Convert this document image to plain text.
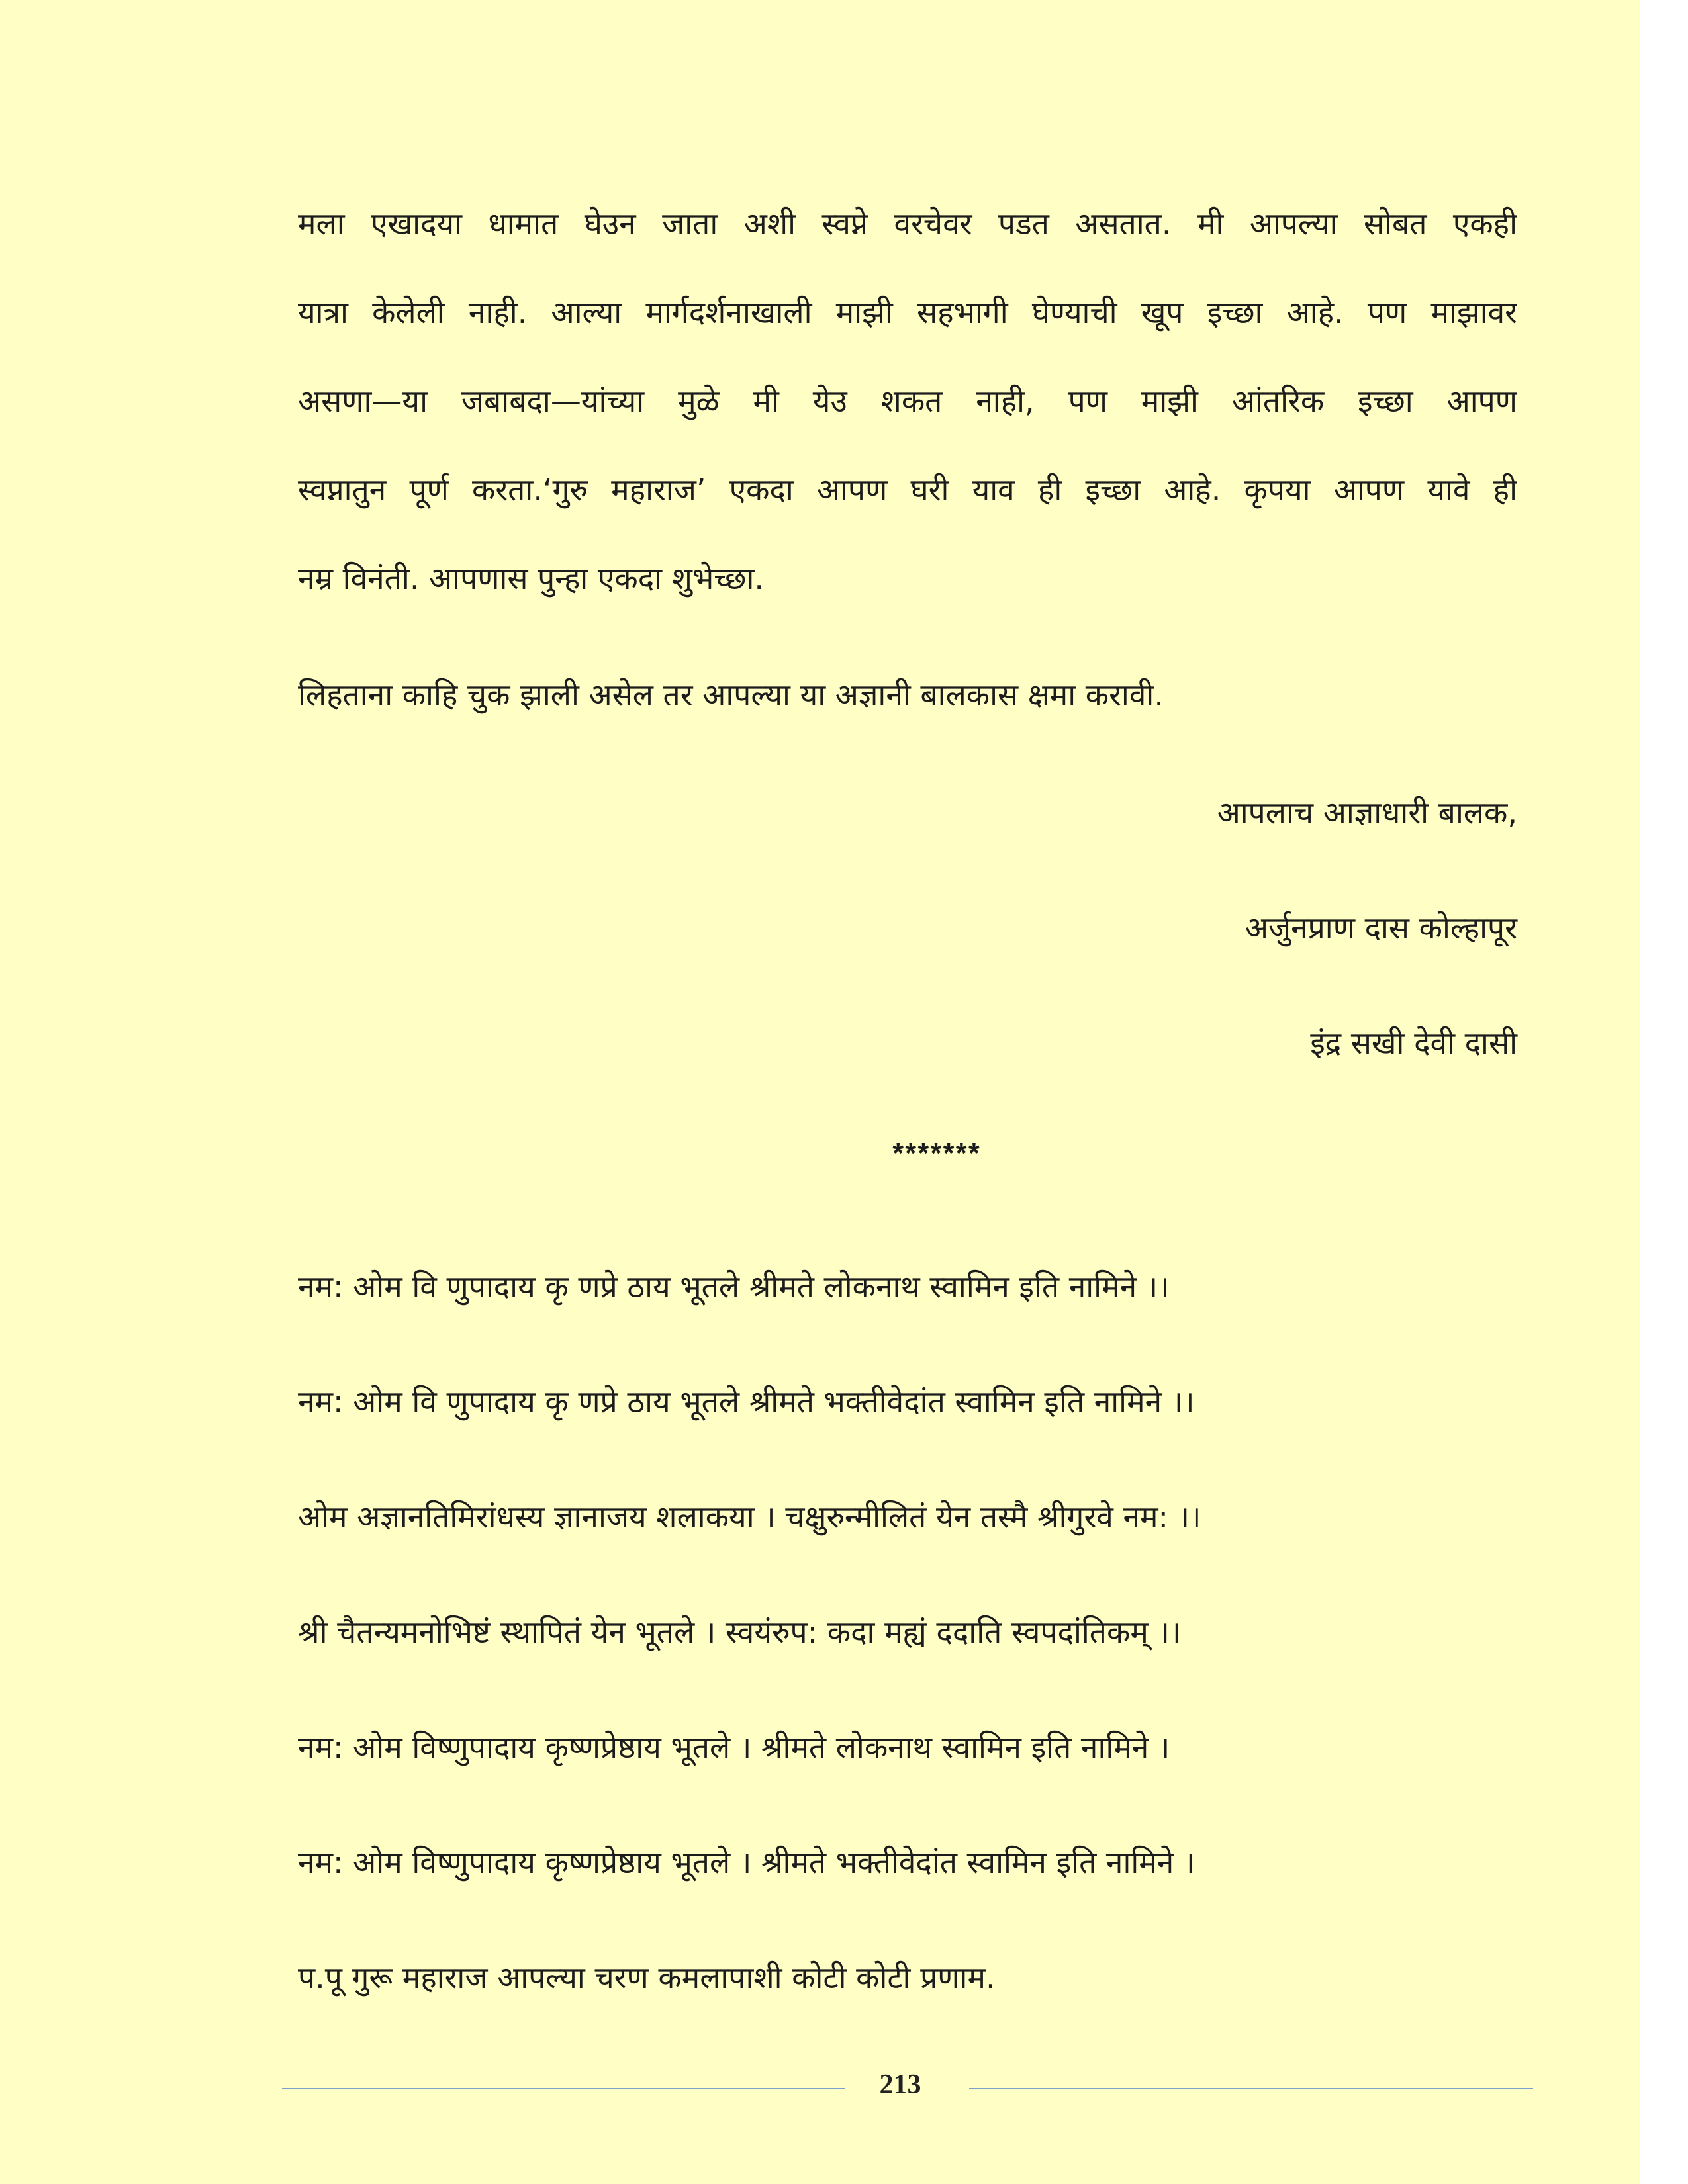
मला एखादया धामात घेउन जाता अशी स्वप्ने वरचेवर पडत असतात. मी आपल्या सोबत एकही
यात्रा केलेली नाही. आल्या मार्गदर्शनाखाली माझी सहभागी घेण्याची खूप इच्छा आहे. पण माझावर
असणा—या जबाबदा—यांच्या मुळे मी येउ शकत नाही, पण माझी आंतरिक इच्छा आपण
स्वप्नातुन पूर्ण करता.‘गुरु महाराज’ एकदा आपण घरी याव ही इच्छा आहे. कृपया आपण यावे ही
नम्र विनंती. आपणास पुन्हा एकदा शुभेच्छा.
लिहताना काहि चुक झाली असेल तर आपल्या या अज्ञानी बालकास क्षमा करावी.
आपलाच आज्ञाधारी बालक,
अर्जुनप्राण दास कोल्हापूर
इंद्र सखी देवी दासी
*******
नम: ओम वि णुपादाय कृ णप्रे ठाय भूतले श्रीमते लोकनाथ स्वामिन इति नामिने ।।
नम: ओम वि णुपादाय कृ णप्रे ठाय भूतले श्रीमते भक्तीवेदांत स्वामिन इति नामिने ।।
ओम अज्ञानतिमिरांधस्य ज्ञानाजय शलाकया । चक्षुरुन्मीलितं येन तस्मै श्रीगुरवे नम: ।।
श्री चैतन्यमनोभिष्टं स्थापितं येन भूतले । स्वयंरुप: कदा मह्यं ददाति स्वपदांतिकम् ।।
नम: ओम विष्णुपादाय कृष्णप्रेष्ठाय भूतले । श्रीमते लोकनाथ स्वामिन इति नामिने ।
नम: ओम विष्णुपादाय कृष्णप्रेष्ठाय भूतले । श्रीमते भक्तीवेदांत स्वामिन इति नामिने ।
प.पू गुरू महाराज आपल्या चरण कमलापाशी कोटी कोटी प्रणाम.
213
